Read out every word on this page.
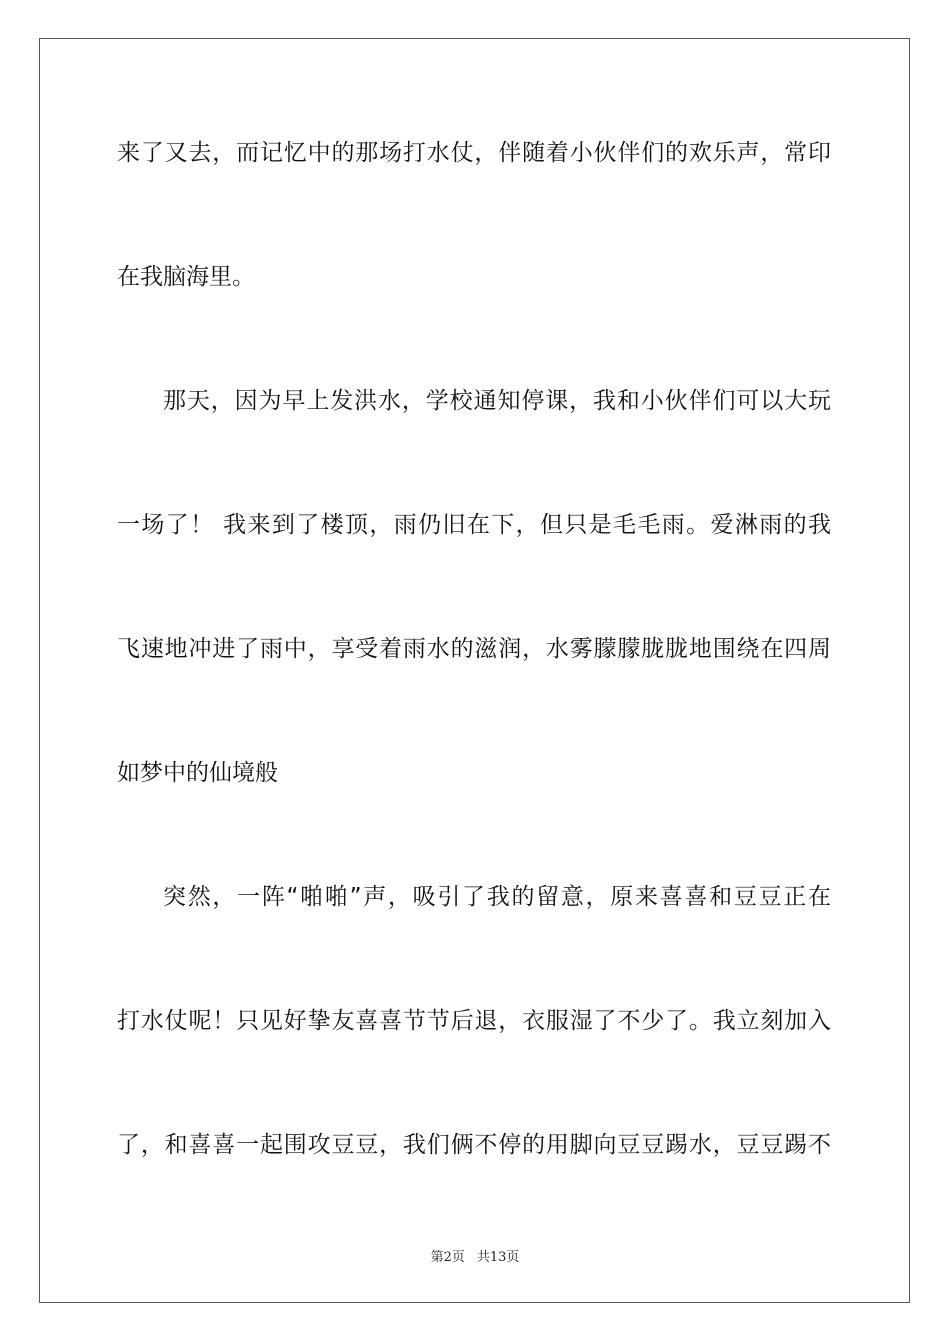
来了又去，而记忆中的那场打水仗，伴随着小伙伴们的欢乐声，常印
在我脑海里。
那天，因为早上发洪水，学校通知停课，我和小伙伴们可以大玩
一场了！ 我来到了楼顶，雨仍旧在下，但只是毛毛雨。爱淋雨的我
飞速地冲进了雨中，享受着雨水的滋润，水雾朦朦胧胧地围绕在四周
如梦中的仙境般
突然，一阵“啪啪”声，吸引了我的留意，原来喜喜和豆豆正在
打水仗呢！只见好挚友喜喜节节后退，衣服湿了不少了。我立刻加入
了，和喜喜一起围攻豆豆，我们俩不停的用脚向豆豆踢水，豆豆踢不
第2页 共13页
